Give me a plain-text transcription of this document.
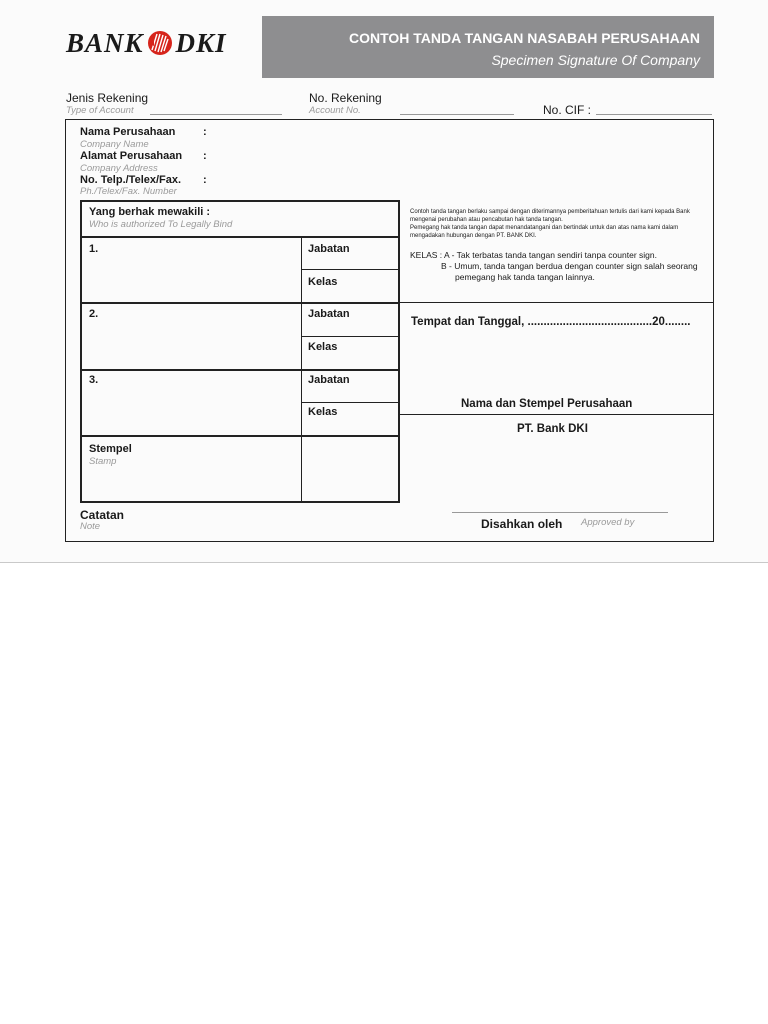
BANK DKI	CONTOH TANDA TANGAN NASABAH PERUSAHAAN
Specimen Signature Of Company
Jenis Rekening
Type of Account
No. Rekening
Account No.	No. CIF :
Nama Perusahaan	:
Company Name
Alamat Perusahaan :
Company Address
No. Telp./Telex/Fax. :
Ph./Telex/Fax. Number
Yang berhak mewakili :
Who is authorized To Legally Bind
1.	Jabatan
Kelas
2.	Jabatan
Kelas
3.	Jabatan
Kelas
Stempel
Stamp
Contoh tanda tangan berlaku sampai dengan diterimannya pemberitahuan tertulis dari kami kepada Bank mengenai perubahan atau pencabutan hak tanda tangan.
Pemegang hak tanda tangan dapat menandatangani dan bertindak untuk dan atas nama kami dalam mengadakan hubungan dengan PT. BANK DKI.
KELAS : A - Tak terbatas tanda tangan sendiri tanpa counter sign.
B - Umum, tanda tangan berdua dengan counter sign salah seorang
pemegang hak tanda tangan lainnya.
Tempat dan Tanggal, .......................................20........
Nama dan Stempel Perusahaan
PT. Bank DKI
Catatan
Note	Disahkan oleh Approved by
